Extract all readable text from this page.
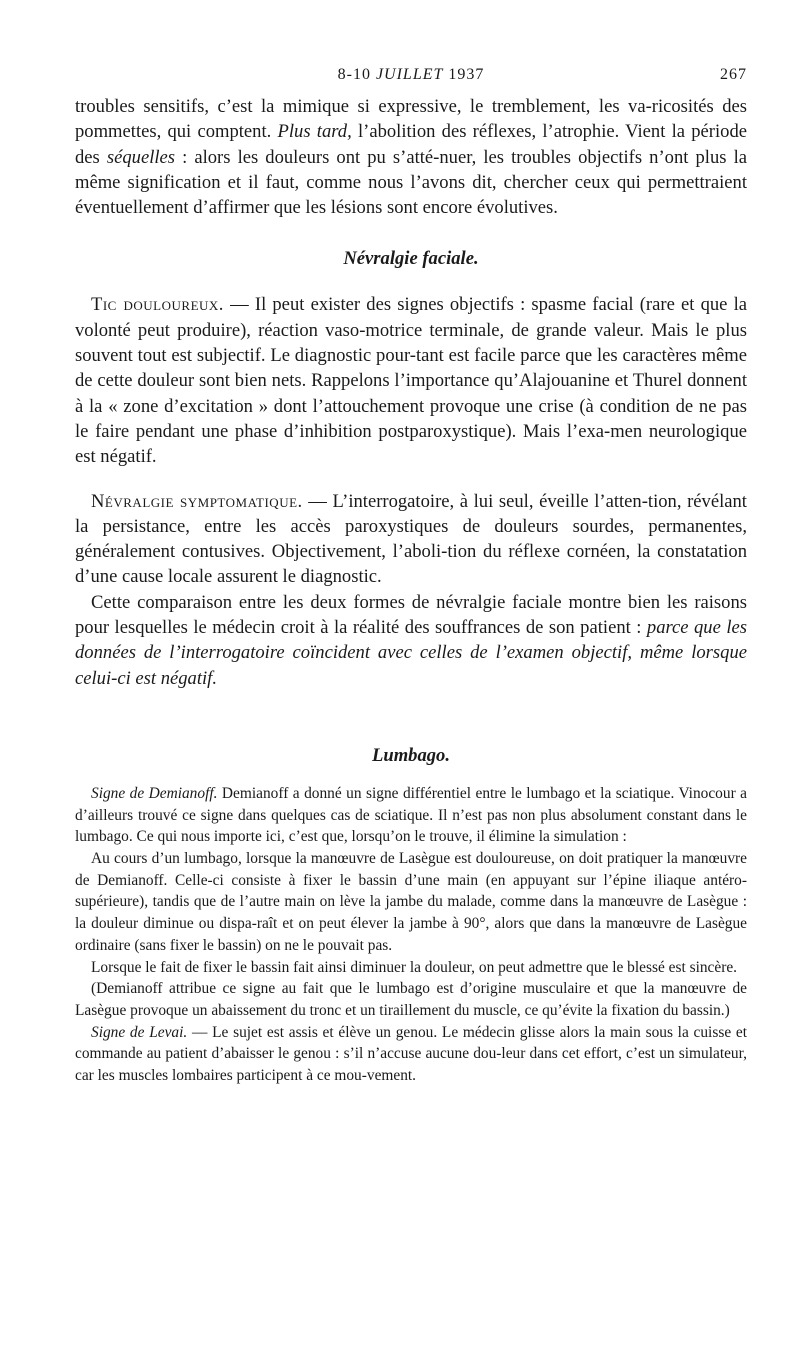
8-10 JUILLET 1937	267

troubles sensitifs, c’est la mimique si expressive, le tremblement, les va-ricosités des pommettes, qui comptent. Plus tard, l’abolition des réflexes, l’atrophie. Vient la période des séquelles : alors les douleurs ont pu s’atté-nuer, les troubles objectifs n’ont plus la même signification et il faut, comme nous l’avons dit, chercher ceux qui permettraient éventuellement d’affirmer que les lésions sont encore évolutives.

Névralgie faciale.

Tic douloureux. — Il peut exister des signes objectifs : spasme facial (rare et que la volonté peut produire), réaction vaso-motrice terminale, de grande valeur. Mais le plus souvent tout est subjectif. Le diagnostic pour-tant est facile parce que les caractères même de cette douleur sont bien nets. Rappelons l’importance qu’Alajouanine et Thurel donnent à la « zone d’excitation » dont l’attouchement provoque une crise (à condition de ne pas le faire pendant une phase d’inhibition postparoxystique). Mais l’exa-men neurologique est négatif.

Névralgie symptomatique. — L’interrogatoire, à lui seul, éveille l’atten-tion, révélant la persistance, entre les accès paroxystiques de douleurs sourdes, permanentes, généralement contusives. Objectivement, l’aboli-tion du réflexe cornéen, la constatation d’une cause locale assurent le diagnostic.

Cette comparaison entre les deux formes de névralgie faciale montre bien les raisons pour lesquelles le médecin croit à la réalité des souffrances de son patient : parce que les données de l’interrogatoire coïncident avec celles de l’examen objectif, même lorsque celui-ci est négatif.

Lumbago.

Signe de Demianoff. Demianoff a donné un signe différentiel entre le lumbago et la sciatique. Vinocour a d’ailleurs trouvé ce signe dans quelques cas de sciatique. Il n’est pas non plus absolument constant dans le lumbago. Ce qui nous importe ici, c’est que, lorsqu’on le trouve, il élimine la simulation :

Au cours d’un lumbago, lorsque la manœuvre de Lasègue est douloureuse, on doit pratiquer la manœuvre de Demianoff. Celle-ci consiste à fixer le bassin d’une main (en appuyant sur l’épine iliaque antéro-supérieure), tandis que de l’autre main on lève la jambe du malade, comme dans la manœuvre de Lasègue : la douleur diminue ou dispa-raît et on peut élever la jambe à 90°, alors que dans la manœuvre de Lasègue ordinaire (sans fixer le bassin) on ne le pouvait pas.

Lorsque le fait de fixer le bassin fait ainsi diminuer la douleur, on peut admettre que le blessé est sincère.

(Demianoff attribue ce signe au fait que le lumbago est d’origine musculaire et que la manœuvre de Lasègue provoque un abaissement du tronc et un tiraillement du muscle, ce qu’évite la fixation du bassin.)

Signe de Levai. — Le sujet est assis et élève un genou. Le médecin glisse alors la main sous la cuisse et commande au patient d’abaisser le genou : s’il n’accuse aucune dou-leur dans cet effort, c’est un simulateur, car les muscles lombaires participent à ce mou-vement.
